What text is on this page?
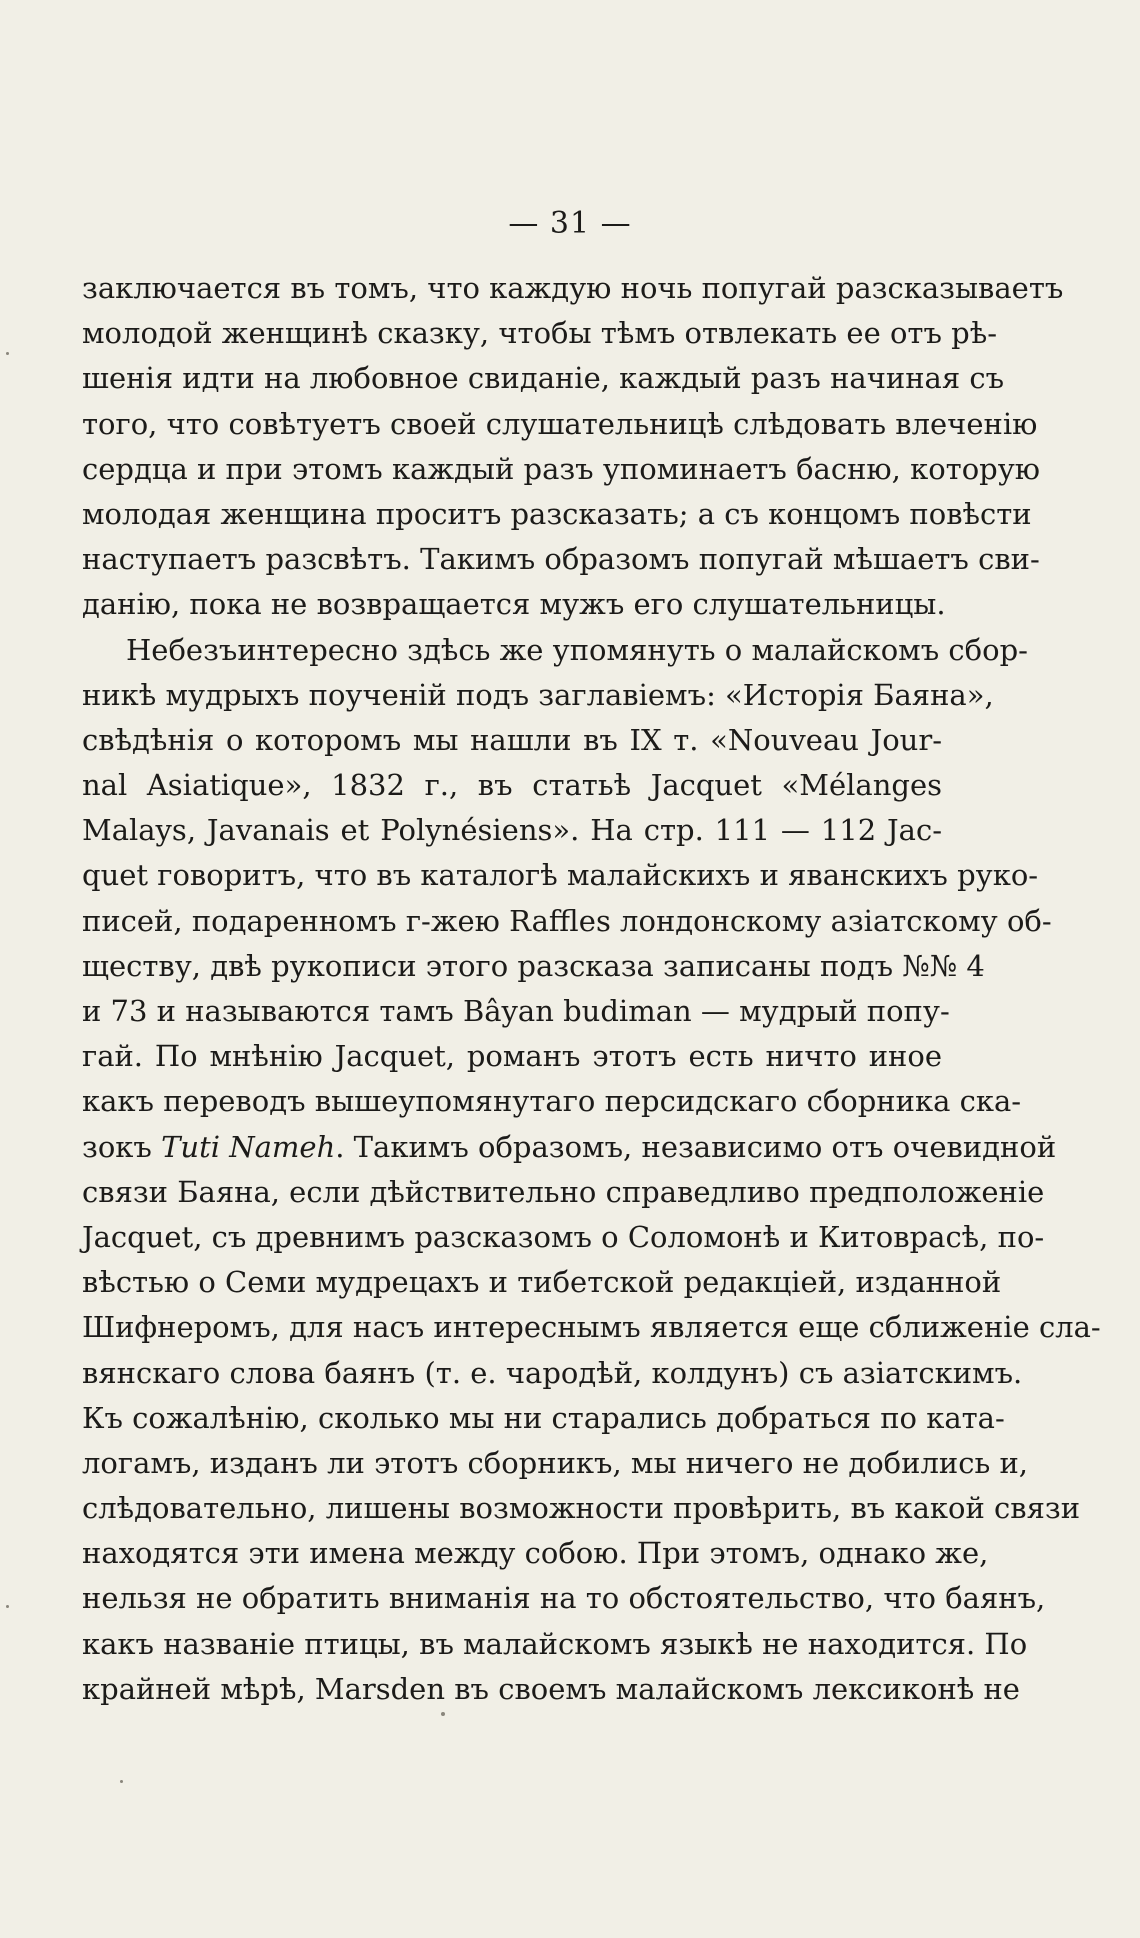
— 31 —
заключается въ томъ, что каждую ночь попугай разсказываетъ
молодой женщинѣ сказку, чтобы тѣмъ отвлекать ее отъ рѣ-
шенія идти на любовное свиданіе, каждый разъ начиная съ
того, что совѣтуетъ своей слушательницѣ слѣдовать влеченію
сердца и при этомъ каждый разъ упоминаетъ басню, которую
молодая женщина проситъ разсказать; а съ концомъ повѣсти
наступаетъ разсвѣтъ. Такимъ образомъ попугай мѣшаетъ сви-
данію, пока не возвращается мужъ его слушательницы.
Небезъинтересно здѣсь же упомянуть о малайскомъ сбор-
никѣ мудрыхъ поученій подъ заглавіемъ: «Исторія Баяна»,
свѣдѣнія о которомъ мы нашли въ IX т. «Nouveau Jour-
nal Asiatique», 1832 г., въ статьѣ Jacquet «Mélanges
Malays, Javanais et Polynésiens». На стр. 111 — 112 Jac-
quet говоритъ, что въ каталогѣ малайскихъ и яванскихъ руко-
писей, подаренномъ г-жею Raffles лондонскому азіатскому об-
ществу, двѣ рукописи этого разсказа записаны подъ №№ 4
и 73 и называются тамъ Bâyan budiman — мудрый попу-
гай. По мнѣнію Jacquet, романъ этотъ есть ничто иное
какъ переводъ вышеупомянутаго персидскаго сборника ска-
зокъ Tuti Nameh. Такимъ образомъ, независимо отъ очевидной
связи Баяна, если дѣйствительно справедливо предположеніе
Jacquet, съ древнимъ разсказомъ о Соломонѣ и Китоврасѣ, по-
вѣстью о Семи мудрецахъ и тибетской редакціей, изданной
Шифнеромъ, для насъ интереснымъ является еще сближеніе сла-
вянскаго слова баянъ (т. е. чародѣй, колдунъ) съ азіатскимъ.
Къ сожалѣнію, сколько мы ни старались добраться по ката-
логамъ, изданъ ли этотъ сборникъ, мы ничего не добились и,
слѣдовательно, лишены возможности провѣрить, въ какой связи
находятся эти имена между собою. При этомъ, однако же,
нельзя не обратить вниманія на то обстоятельство, что баянъ,
какъ названіе птицы, въ малайскомъ языкѣ не находится. По
крайней мѣрѣ, Marsden въ своемъ малайскомъ лексиконѣ не
